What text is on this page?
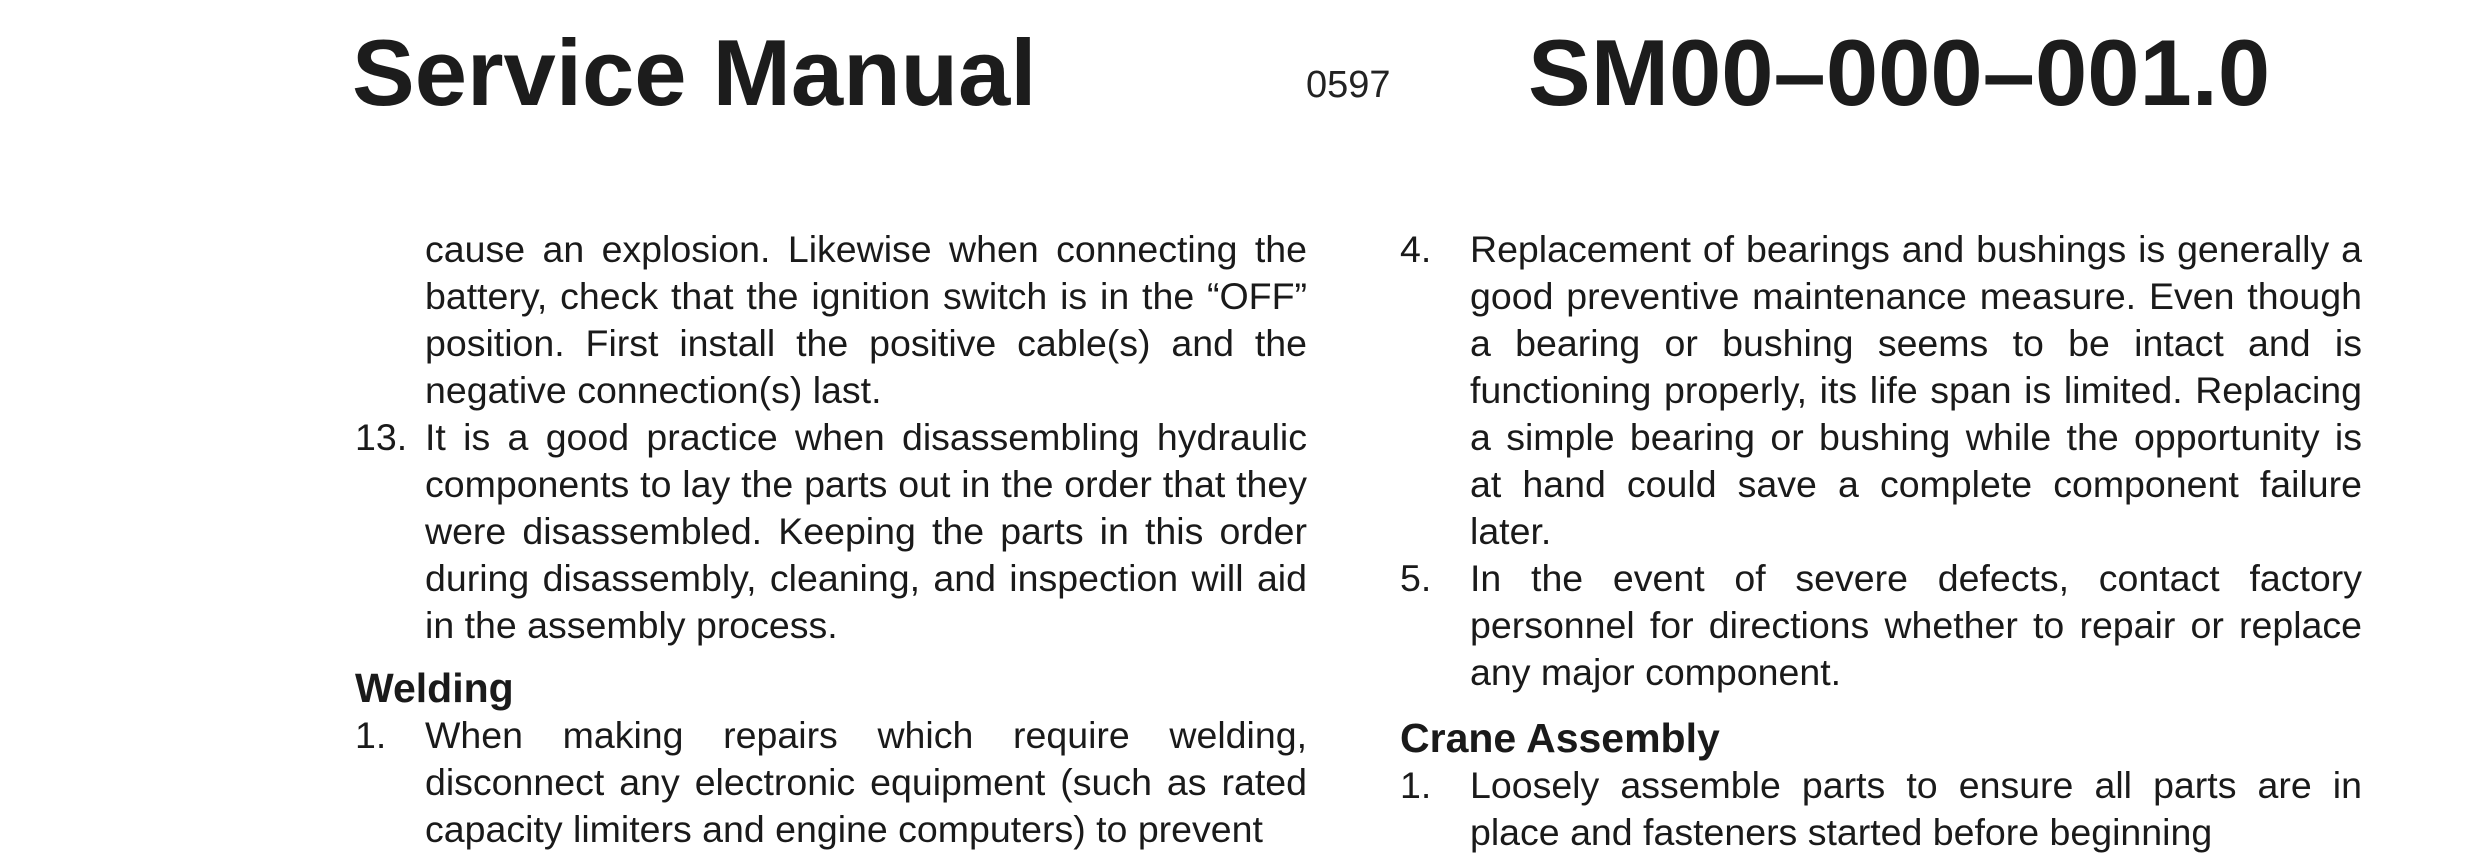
Service Manual	0597 SM00–000–001.0

cause an explosion. Likewise when connecting the battery, check that the ignition switch is in the “OFF” position. First install the positive cable(s) and the negative connection(s) last.

13. It is a good practice when disassembling hydraulic components to lay the parts out in the order that they were disassembled. Keeping the parts in this order during disassembly, cleaning, and inspection will aid in the assembly process.
Welding
1. When making repairs which require welding, disconnect any electronic equipment (such as rated capacity limiters and engine computers) to prevent
4. Replacement of bearings and bushings is generally a good preventive maintenance measure. Even though a bearing or bushing seems to be intact and is functioning properly, its life span is limited. Replacing a simple bearing or bushing while the opportunity is at hand could save a complete component failure later.
5. In the event of severe defects, contact factory personnel for directions whether to repair or replace any major component.
Crane Assembly
1. Loosely assemble parts to ensure all parts are in place and fasteners started before beginning
